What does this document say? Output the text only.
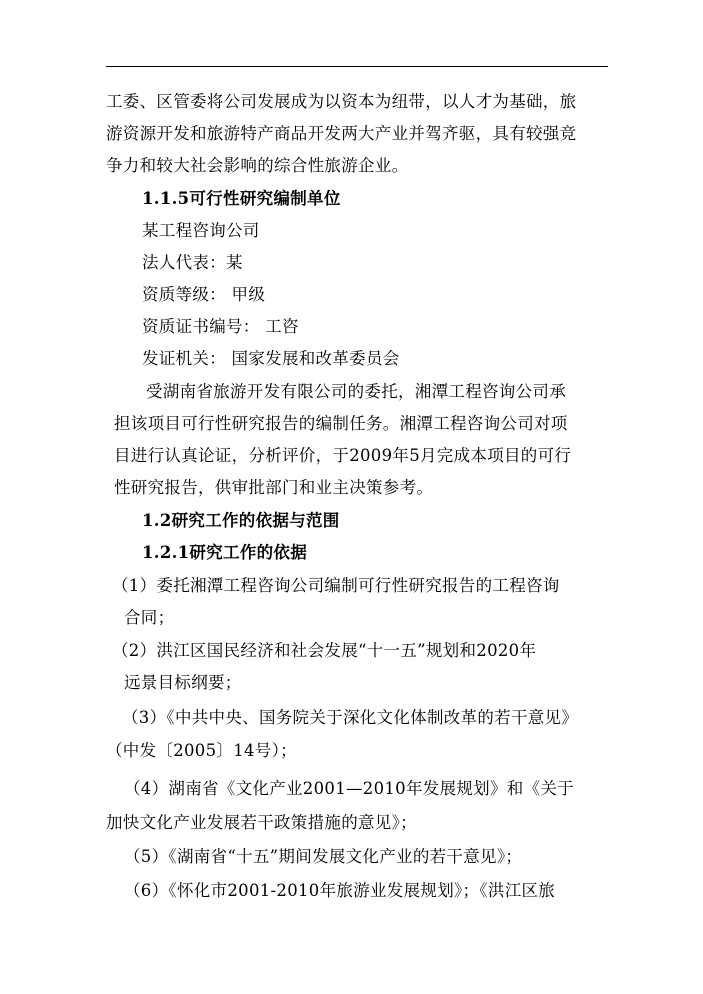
工委、区管委将公司发展成为以资本为纽带，以人才为基础，旅
游资源开发和旅游特产商品开发两大产业并驾齐驱，具有较强竞
争力和较大社会影响的综合性旅游企业。
1.1.5可行性研究编制单位
某工程咨询公司
法人代表：某
资质等级： 甲级
资质证书编号： 工咨
发证机关： 国家发展和改革委员会
受湖南省旅游开发有限公司的委托，湘潭工程咨询公司承
担该项目可行性研究报告的编制任务。湘潭工程咨询公司对项
目进行认真论证，分析评价，于2009年5月完成本项目的可行
性研究报告，供审批部门和业主决策参考。
1.2研究工作的依据与范围
1.2.1研究工作的依据
（1）委托湘潭工程咨询公司编制可行性研究报告的工程咨询
合同；
（2）洪江区国民经济和社会发展“十一五”规划和2020年
远景目标纲要；
（3）《中共中央、国务院关于深化文化体制改革的若干意见》
（中发〔2005〕14号）；
（4）湖南省《文化产业2001—2010年发展规划》和《关于
加快文化产业发展若干政策措施的意见》；
（5）《湖南省“十五”期间发展文化产业的若干意见》；
（6）《怀化市2001-2010年旅游业发展规划》；《洪江区旅
